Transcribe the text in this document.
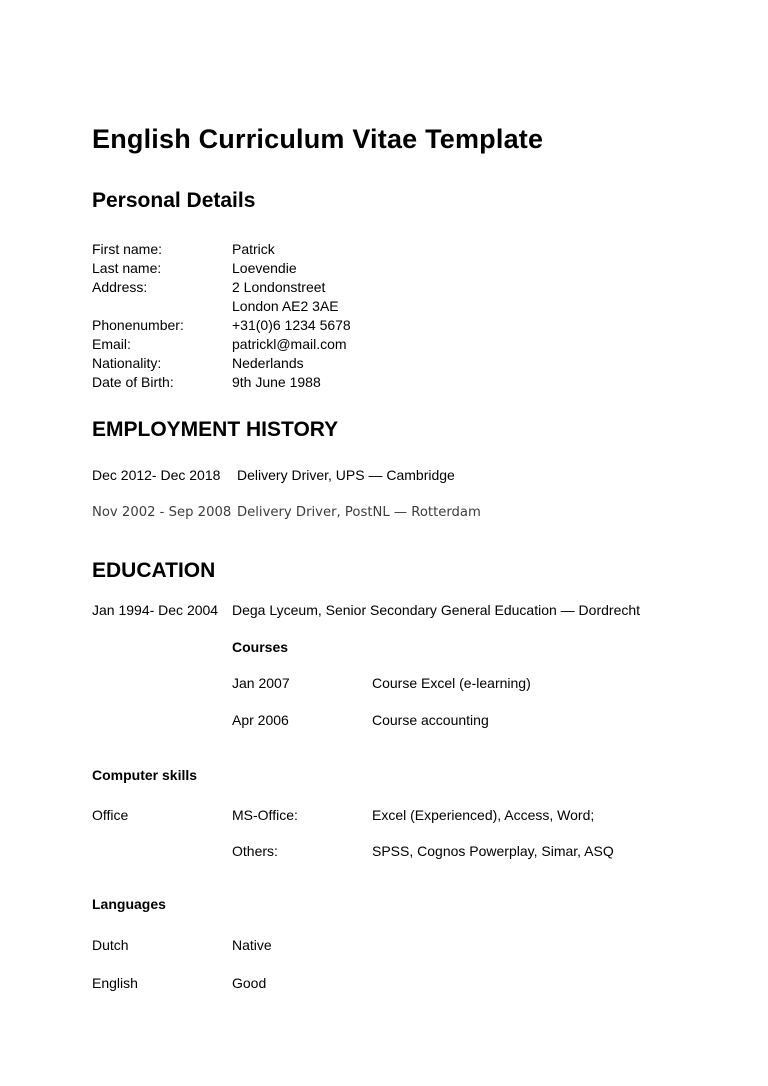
English Curriculum Vitae Template
Personal Details
First name:	Patrick
Last name:	Loevendie
Address:	2 Londonstreet
London AE2 3AE
Phonenumber:	+31(0)6 1234 5678
Email:	patrickl@mail.com
Nationality:	Nederlands
Date of Birth:	9th June 1988
EMPLOYMENT HISTORY
Dec 2012- Dec 2018	Delivery Driver, UPS — Cambridge
Nov 2002 - Sep 2008 Delivery Driver, PostNL — Rotterdam
EDUCATION
Jan 1994- Dec 2004 Dega Lyceum, Senior Secondary General Education — Dordrecht
Courses
Jan 2007	Course Excel (e-learning)
Apr 2006	Course accounting
Computer skills
Office	MS-Office:	Excel (Experienced), Access, Word;
Others:	SPSS, Cognos Powerplay, Simar, ASQ
Languages
Dutch	Native
English	Good
